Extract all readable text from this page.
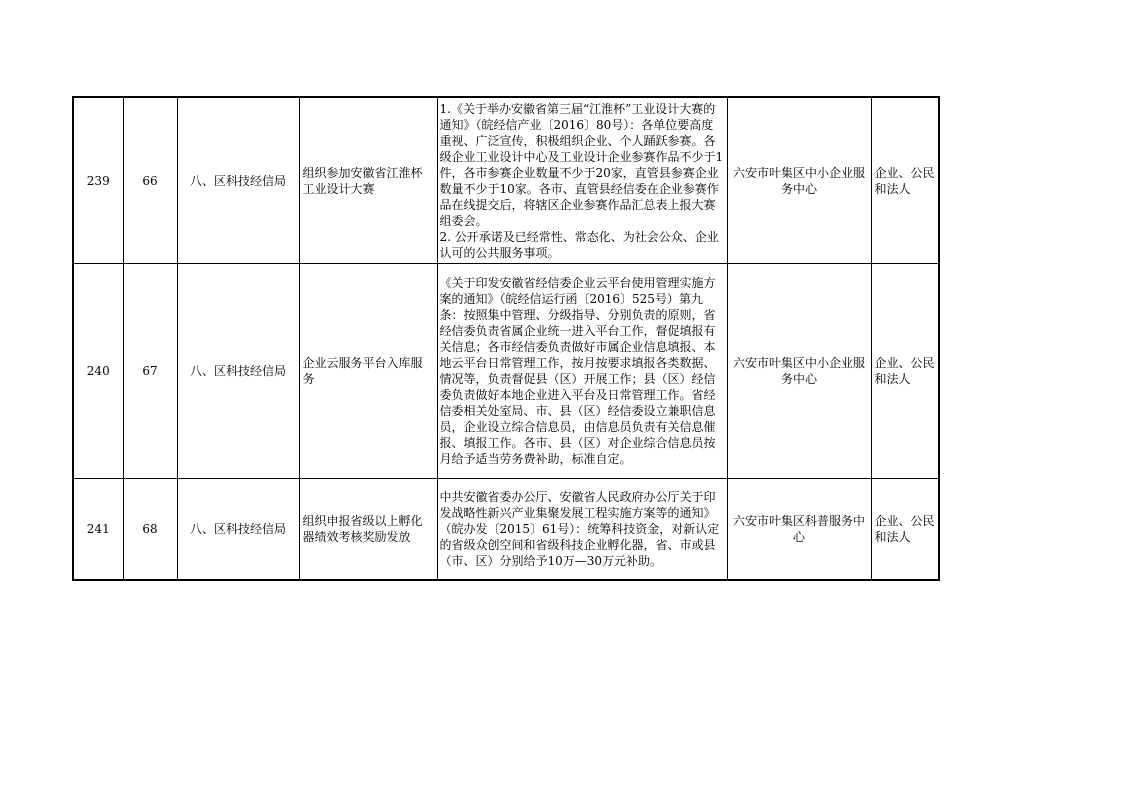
239	66	八、区科技经信局	组织参加安徽省江淮杯工业设计大赛	1.《关于举办安徽省第三届“江淮杯”工业设计大赛的通知》（皖经信产业〔2016〕80号）：各单位要高度重视、广泛宣传，积极组织企业、个人踊跃参赛。各级企业工业设计中心及工业设计企业参赛作品不少于1件，各市参赛企业数量不少于20家，直管县参赛企业数量不少于10家。各市、直管县经信委在企业参赛作品在线提交后，将辖区企业参赛作品汇总表上报大赛组委会。
2. 公开承诺及已经常性、常态化、为社会公众、企业认可的公共服务事项。	六安市叶集区中小企业服务中心	企业、公民和法人
240	67	八、区科技经信局	企业云服务平台入库服务	《关于印发安徽省经信委企业云平台使用管理实施方案的通知》（皖经信运行函〔2016〕525号）第九条：按照集中管理、分级指导、分别负责的原则，省经信委负责省属企业统一进入平台工作，督促填报有关信息；各市经信委负责做好市属企业信息填报、本地云平台日常管理工作，按月按要求填报各类数据、情况等，负责督促县（区）开展工作；县（区）经信委负责做好本地企业进入平台及日常管理工作。省经信委相关处室局、市、县（区）经信委设立兼职信息员，企业设立综合信息员，由信息员负责有关信息催报、填报工作。各市、县（区）对企业综合信息员按月给予适当劳务费补助，标准自定。	六安市叶集区中小企业服务中心	企业、公民和法人
241	68	八、区科技经信局	组织申报省级以上孵化器绩效考核奖励发放	中共安徽省委办公厅、安徽省人民政府办公厅关于印发战略性新兴产业集聚发展工程实施方案等的通知》（皖办发〔2015〕61号）：统筹科技资金，对新认定的省级众创空间和省级科技企业孵化器，省、市或县（市、区）分别给予10万—30万元补助。	六安市叶集区科普服务中心	企业、公民和法人
